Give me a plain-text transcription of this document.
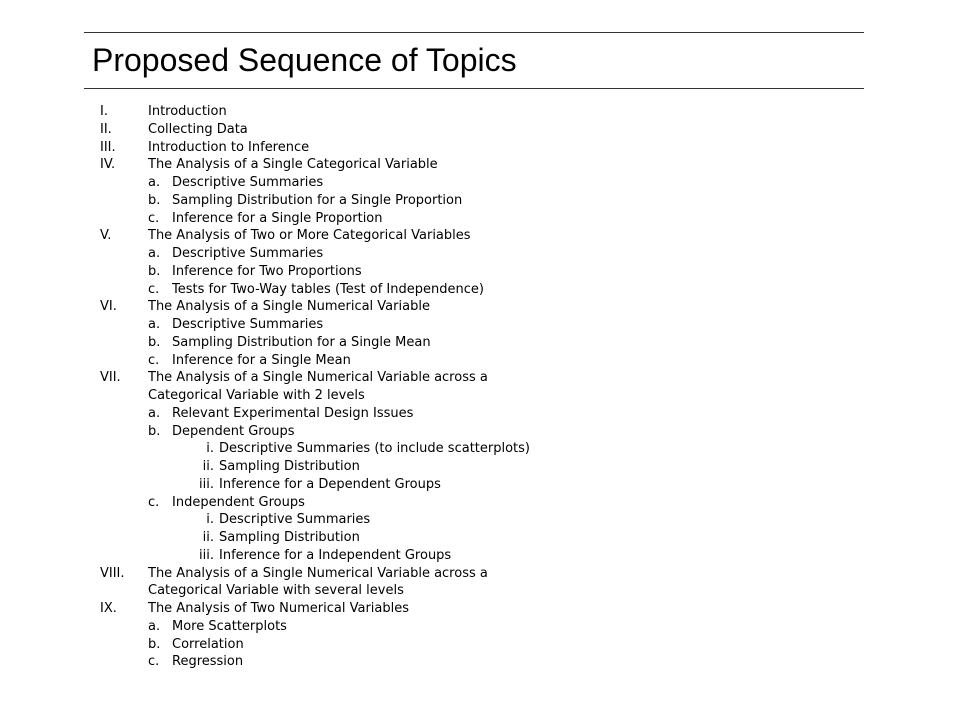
Proposed Sequence of Topics
I.	Introduction
II.	Collecting Data
III. Introduction to Inference
IV.	The Analysis of a Single Categorical Variable
a. Descriptive Summaries
b. Sampling Distribution for a Single Proportion
c. Inference for a Single Proportion
V.	The Analysis of Two or More Categorical Variables
a. Descriptive Summaries
b. Inference for Two Proportions
c. Tests for Two-Way tables (Test of Independence)
VI. The Analysis of a Single Numerical Variable
a. Descriptive Summaries
b. Sampling Distribution for a Single Mean
c. Inference for a Single Mean
VII. The Analysis of a Single Numerical Variable across a
Categorical Variable with 2 levels
a. Relevant Experimental Design Issues
b. Dependent Groups
i. Descriptive Summaries (to include scatterplots)
ii. Sampling Distribution
iii. Inference for a Dependent Groups
c. Independent Groups
i. Descriptive Summaries
ii. Sampling Distribution
iii. Inference for a Independent Groups
VIII. The Analysis of a Single Numerical Variable across a
Categorical Variable with several levels
IX. The Analysis of Two Numerical Variables
a. More Scatterplots
b. Correlation
c. Regression
